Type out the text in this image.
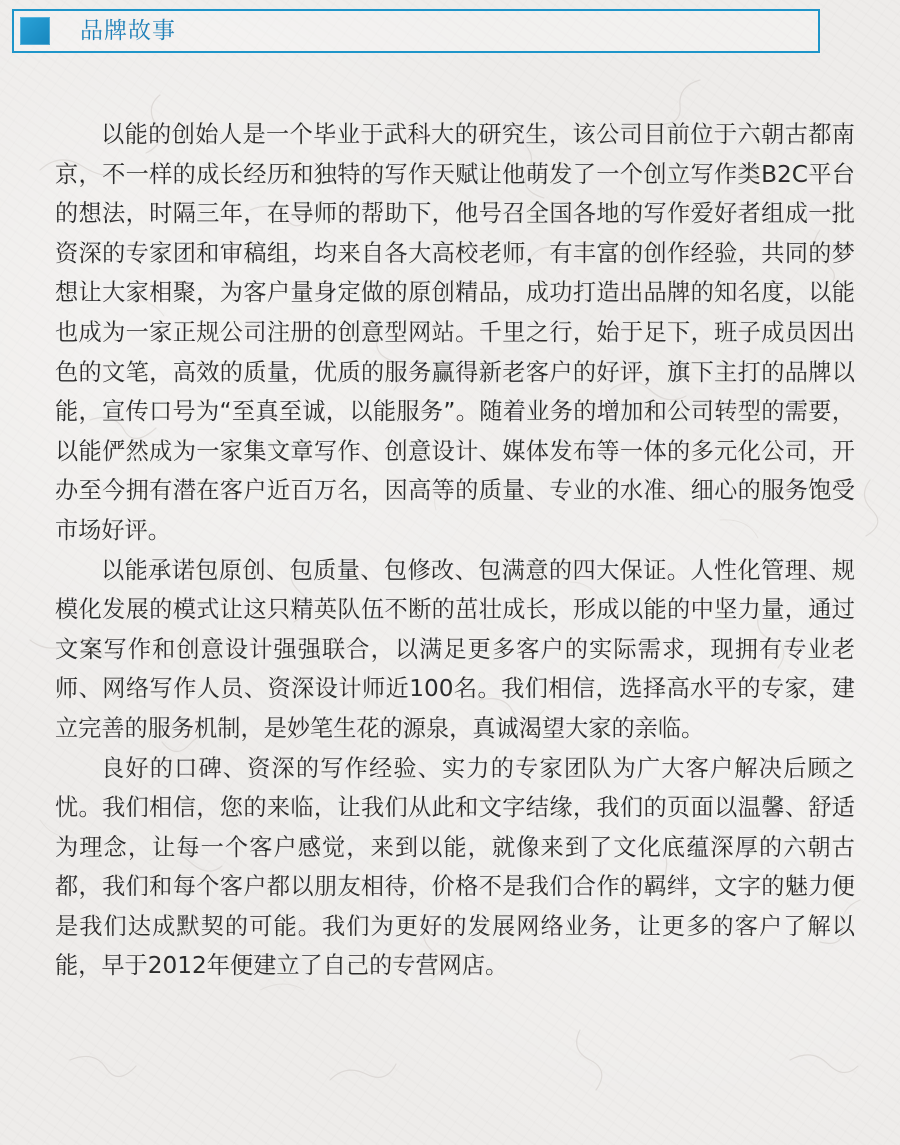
品牌故事

以能的创始人是一个毕业于武科大的研究生，该公司目前位于六朝古都南京，不一样的成长经历和独特的写作天赋让他萌发了一个创立写作类B2C平台的想法，时隔三年，在导师的帮助下，他号召全国各地的写作爱好者组成一批资深的专家团和审稿组，均来自各大高校老师，有丰富的创作经验，共同的梦想让大家相聚，为客户量身定做的原创精品，成功打造出品牌的知名度，以能也成为一家正规公司注册的创意型网站。千里之行，始于足下，班子成员因出色的文笔，高效的质量，优质的服务赢得新老客户的好评，旗下主打的品牌以能，宣传口号为“至真至诚，以能服务”。随着业务的增加和公司转型的需要，以能俨然成为一家集文章写作、创意设计、媒体发布等一体的多元化公司，开办至今拥有潜在客户近百万名，因高等的质量、专业的水准、细心的服务饱受市场好评。

以能承诺包原创、包质量、包修改、包满意的四大保证。人性化管理、规模化发展的模式让这只精英队伍不断的茁壮成长，形成以能的中坚力量，通过文案写作和创意设计强强联合，以满足更多客户的实际需求，现拥有专业老师、网络写作人员、资深设计师近100名。我们相信，选择高水平的专家，建立完善的服务机制，是妙笔生花的源泉，真诚渴望大家的亲临。

良好的口碑、资深的写作经验、实力的专家团队为广大客户解决后顾之忧。我们相信，您的来临，让我们从此和文字结缘，我们的页面以温馨、舒适为理念，让每一个客户感觉，来到以能，就像来到了文化底蕴深厚的六朝古都，我们和每个客户都以朋友相待，价格不是我们合作的羁绊，文字的魅力便是我们达成默契的可能。我们为更好的发展网络业务，让更多的客户了解以能，早于2012年便建立了自己的专营网店。
